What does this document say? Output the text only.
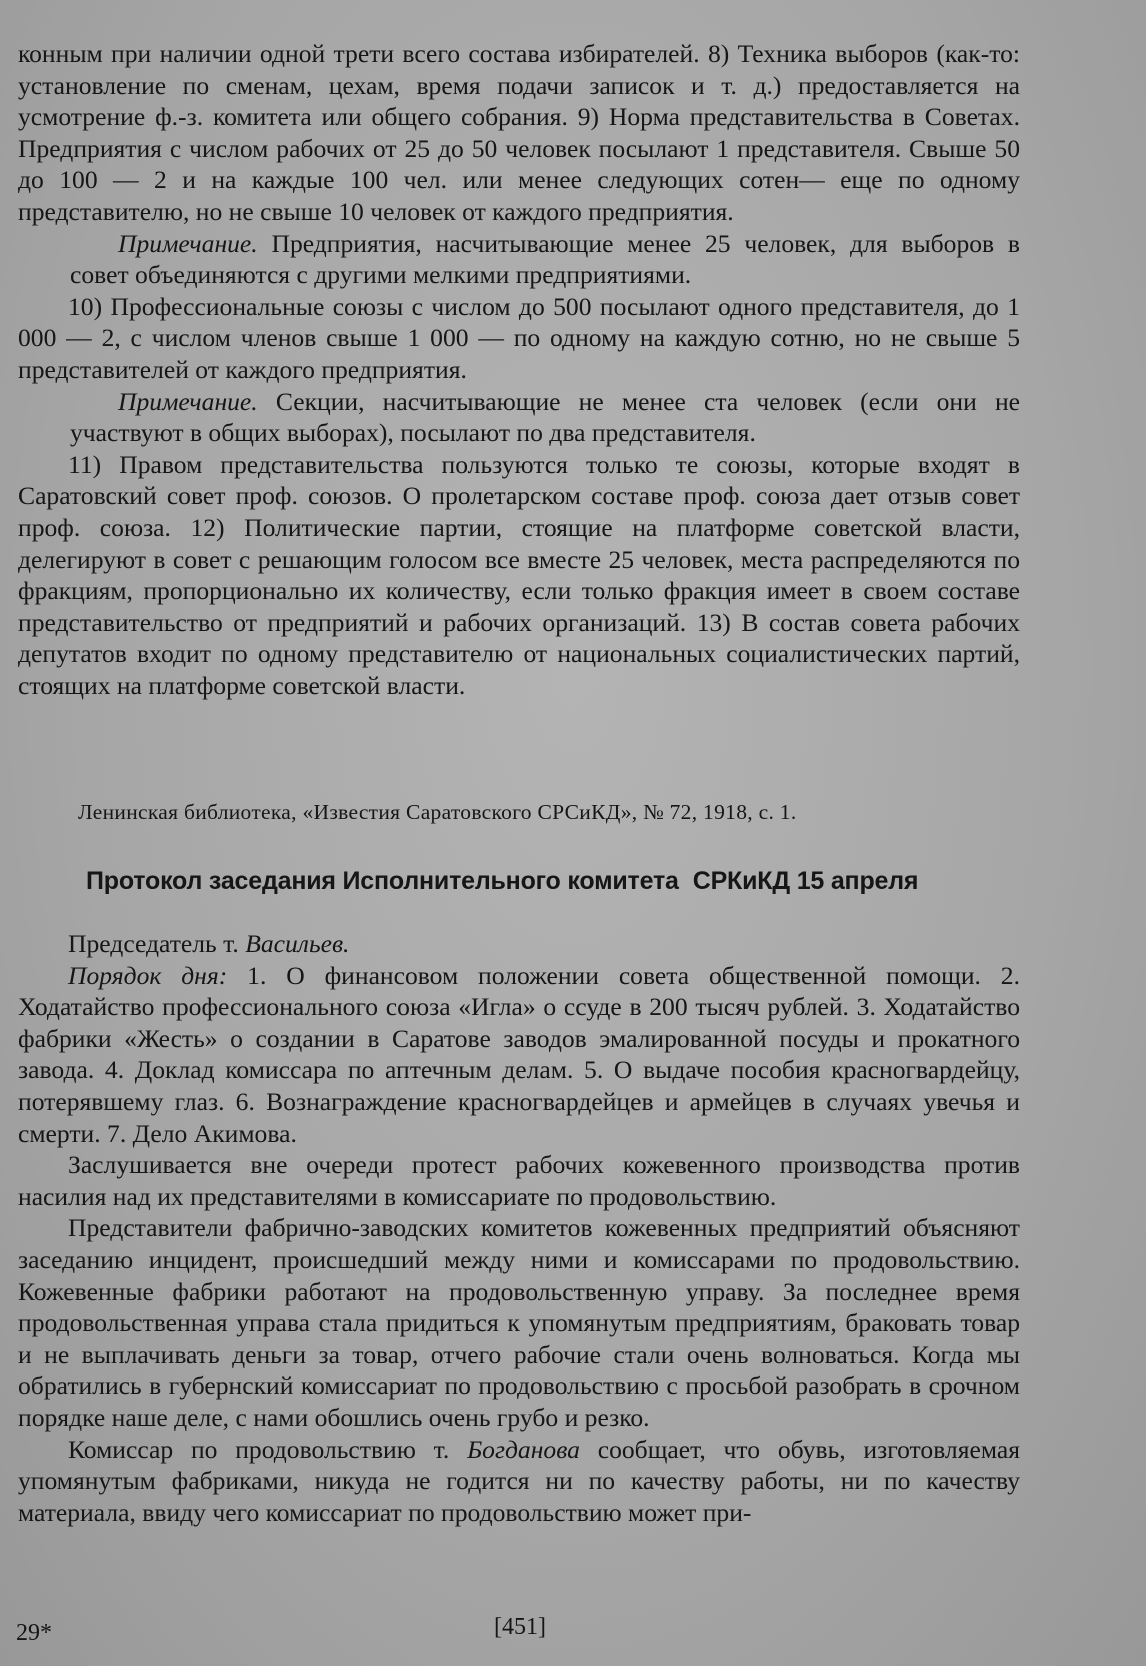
конным при наличии одной трети всего состава избирателей. 8) Техника выборов (как-то: установление по сменам, цехам, время подачи записок и т. д.) предоставляется на усмотрение ф.-з. комитета или общего собрания. 9) Норма представительства в Советах. Предприятия с числом рабочих от 25 до 50 человек посылают 1 представителя. Свыше 50 до 100 — 2 и на каждые 100 чел. или менее следующих сотен— еще по одному представителю, но не свыше 10 человек от каждого предприятия.

Примечание. Предприятия, насчитывающие менее 25 человек, для выборов в совет объединяются с другими мелкими предприятиями.

10) Профессиональные союзы с числом до 500 посылают одного представителя, до 1 000 — 2, с числом членов свыше 1 000 — по одному на каждую сотню, но не свыше 5 представителей от каждого предприятия.

Примечание. Секции, насчитывающие не менее ста человек (если они не участвуют в общих выборах), посылают по два представителя.

11) Правом представительства пользуются только те союзы, которые входят в Саратовский совет проф. союзов. О пролетарском составе проф. союза дает отзыв совет проф. союза. 12) Политические партии, стоящие на платформе советской власти, делегируют в совет с решающим голосом все вместе 25 человек, места распределяются по фракциям, пропорционально их количеству, если только фракция имеет в своем составе представительство от предприятий и рабочих организаций. 13) В состав совета рабочих депутатов входит по одному представителю от национальных социалистических партий, стоящих на платформе советской власти.

Ленинская библиотека, «Известия Саратовского СРСиКД», № 72, 1918, с. 1.
Протокол заседания Исполнительного комитета СРКиКД 15 апреля

Председатель т. Васильев.

Порядок дня: 1. О финансовом положении совета общественной помощи. 2. Ходатайство профессионального союза «Игла» о ссуде в 200 тысяч рублей. 3. Ходатайство фабрики «Жесть» о создании в Саратове заводов эмалированной посуды и прокатного завода. 4. Доклад комиссара по аптечным делам. 5. О выдаче пособия красногвардейцу, потерявшему глаз. 6. Вознаграждение красногвардейцев и армейцев в случаях увечья и смерти. 7. Дело Акимова.

Заслушивается вне очереди протест рабочих кожевенного производства против насилия над их представителями в комиссариате по продовольствию.

Представители фабрично-заводских комитетов кожевенных предприятий объясняют заседанию инцидент, происшедший между ними и комиссарами по продовольствию. Кожевенные фабрики работают на продовольственную управу. За последнее время продовольственная управа стала придиться к упомянутым предприятиям, браковать товар и не выплачивать деньги за товар, отчего рабочие стали очень волноваться. Когда мы обратились в губернский комиссариат по продовольствию с просьбой разобрать в срочном порядке наше деле, с нами обошлись очень грубо и резко.

Комиссар по продовольствию т. Богданова сообщает, что обувь, изготовляемая упомянутым фабриками, никуда не годится ни по качеству работы, ни по качеству материала, ввиду чего комиссариат по продовольствию может при-

29*	[451]
